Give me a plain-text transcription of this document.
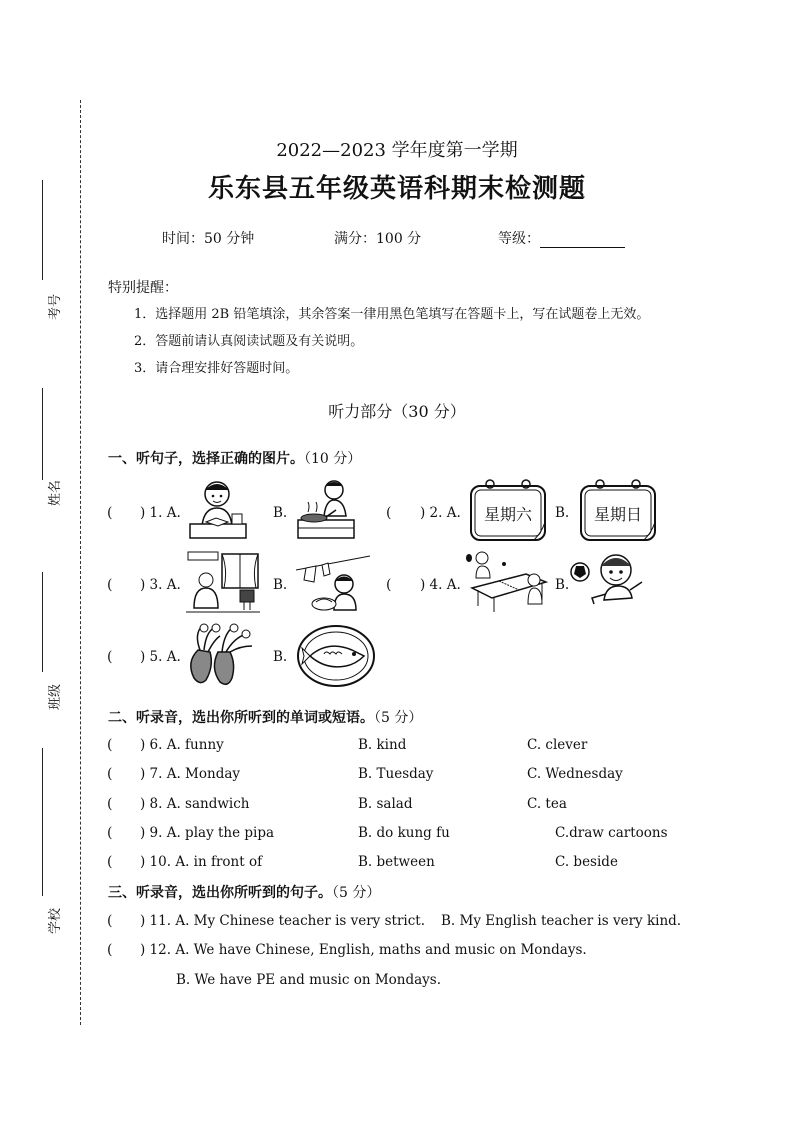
考号
姓名
班级
学校
2022—2023 学年度第一学期
乐东县五年级英语科期末检测题
时间：50 分钟	满分：100 分	等级：
特别提醒：
1．选择题用 2B 铅笔填涂，其余答案一律用黑色笔填写在答题卡上，写在试题卷上无效。
2．答题前请认真阅读试题及有关说明。
3．请合理安排好答题时间。
听力部分（30 分）
一、听句子，选择正确的图片。（10 分）
( ) 1. A.	B.	( ) 2. A. 星期六 B. 星期日
( ) 3. A.	B.	( ) 4. A.	B.
( ) 5. A.	B.
二、听录音，选出你所听到的单词或短语。（5 分）
( ) 6. A. funny	B. kind	C. clever
( ) 7. A. Monday	B. Tuesday	C. Wednesday
( ) 8. A. sandwich	B. salad	C. tea
( ) 9. A. play the pipa	B. do kung fu	C.draw cartoons
( ) 10. A. in front of	B. between	C. beside
三、听录音，选出你所听到的句子。（5 分）
( ) 11. A. My Chinese teacher is very strict. B. My English teacher is very kind.
( ) 12. A. We have Chinese, English, maths and music on Mondays.
B. We have PE and music on Mondays.
